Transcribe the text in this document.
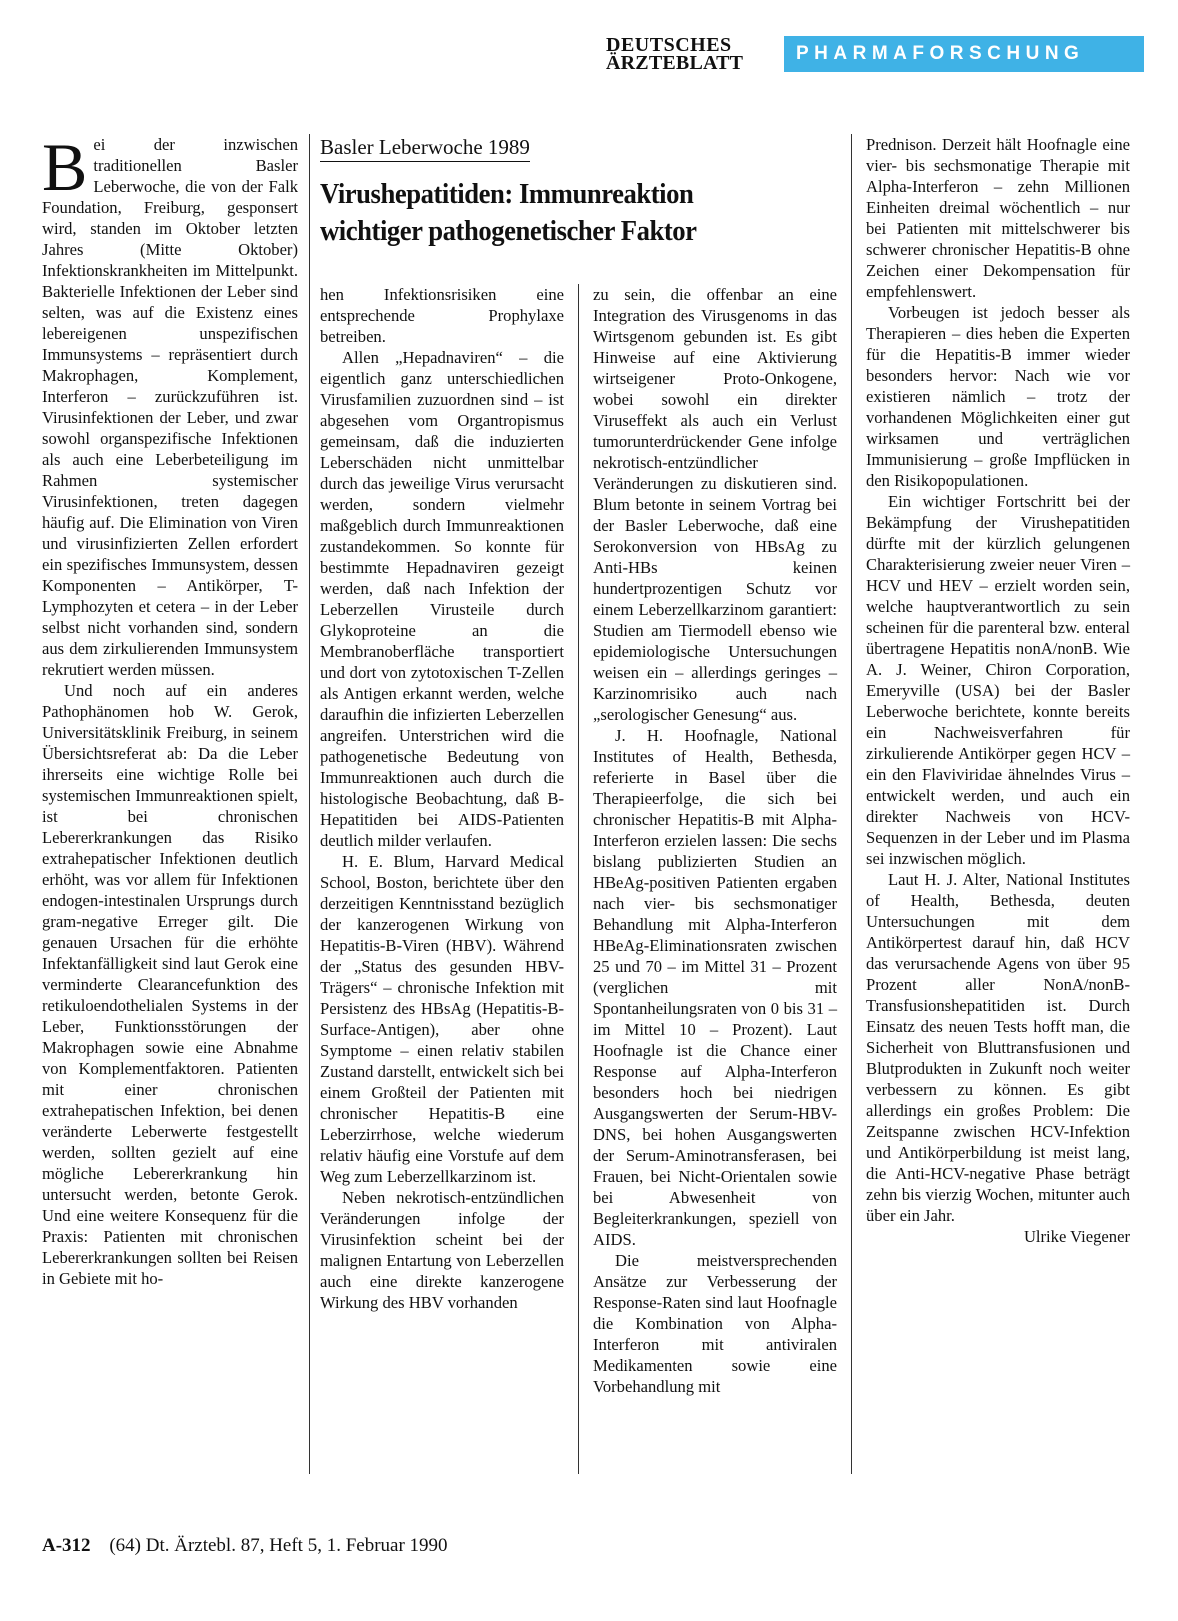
DEUTSCHES
ÄRZTEBLATT	PHARMAFORSCHUNG
Basler Leberwoche 1989
Virushepatitiden: Immunreaktion wichtiger pathogenetischer Faktor

Bei der inzwischen traditionellen Basler Leberwoche, die von der Falk Foundation, Freiburg, gesponsert wird, standen im Oktober letzten Jahres (Mitte Oktober) Infektionskrankheiten im Mittelpunkt. Bakterielle Infektionen der Leber sind selten, was auf die Existenz eines lebereigenen unspezifischen Immunsystems – repräsentiert durch Makrophagen, Komplement, Interferon – zurückzuführen ist. Virusinfektionen der Leber, und zwar sowohl organspezifische Infektionen als auch eine Leberbeteiligung im Rahmen systemischer Virusinfektionen, treten dagegen häufig auf. Die Elimination von Viren und virusinfizierten Zellen erfordert ein spezifisches Immunsystem, dessen Komponenten – Antikörper, T-Lymphozyten et cetera – in der Leber selbst nicht vorhanden sind, sondern aus dem zirkulierenden Immunsystem rekrutiert werden müssen.

Und noch auf ein anderes Pathophänomen hob W. Gerok, Universitätsklinik Freiburg, in seinem Übersichtsreferat ab: Da die Leber ihrerseits eine wichtige Rolle bei systemischen Immunreaktionen spielt, ist bei chronischen Lebererkrankungen das Risiko extrahepatischer Infektionen deutlich erhöht, was vor allem für Infektionen endogen-intestinalen Ursprungs durch gram-negative Erreger gilt. Die genauen Ursachen für die erhöhte Infektanfälligkeit sind laut Gerok eine verminderte Clearancefunktion des retikuloendothelialen Systems in der Leber, Funktionsstörungen der Makrophagen sowie eine Abnahme von Komplementfaktoren. Patienten mit einer chronischen extrahepatischen Infektion, bei denen veränderte Leberwerte festgestellt werden, sollten gezielt auf eine mögliche Lebererkrankung hin untersucht werden, betonte Gerok. Und eine weitere Konsequenz für die Praxis: Patienten mit chronischen Lebererkrankungen sollten bei Reisen in Gebiete mit ho-

hen Infektionsrisiken eine entsprechende Prophylaxe betreiben.

Allen „Hepadnaviren“ – die eigentlich ganz unterschiedlichen Virusfamilien zuzuordnen sind – ist abgesehen vom Organtropismus gemeinsam, daß die induzierten Leberschäden nicht unmittelbar durch das jeweilige Virus verursacht werden, sondern vielmehr maßgeblich durch Immunreaktionen zustandekommen. So konnte für bestimmte Hepadnaviren gezeigt werden, daß nach Infektion der Leberzellen Virusteile durch Glykoproteine an die Membranoberfläche transportiert und dort von zytotoxischen T-Zellen als Antigen erkannt werden, welche daraufhin die infizierten Leberzellen angreifen. Unterstrichen wird die pathogenetische Bedeutung von Immunreaktionen auch durch die histologische Beobachtung, daß B-Hepatitiden bei AIDS-Patienten deutlich milder verlaufen.

H. E. Blum, Harvard Medical School, Boston, berichtete über den derzeitigen Kenntnisstand bezüglich der kanzerogenen Wirkung von Hepatitis-B-Viren (HBV). Während der „Status des gesunden HBV-Trägers“ – chronische Infektion mit Persistenz des HBsAg (Hepatitis-B-Surface-Antigen), aber ohne Symptome – einen relativ stabilen Zustand darstellt, entwickelt sich bei einem Großteil der Patienten mit chronischer Hepatitis-B eine Leberzirrhose, welche wiederum relativ häufig eine Vorstufe auf dem Weg zum Leberzellkarzinom ist.

Neben nekrotisch-entzündlichen Veränderungen infolge der Virusinfektion scheint bei der malignen Entartung von Leberzellen auch eine direkte kanzerogene Wirkung des HBV vorhanden

zu sein, die offenbar an eine Integration des Virusgenoms in das Wirtsgenom gebunden ist. Es gibt Hinweise auf eine Aktivierung wirtseigener Proto-Onkogene, wobei sowohl ein direkter Viruseffekt als auch ein Verlust tumorunterdrückender Gene infolge nekrotisch-entzündlicher Veränderungen zu diskutieren sind. Blum betonte in seinem Vortrag bei der Basler Leberwoche, daß eine Serokonversion von HBsAg zu Anti-HBs keinen hundertprozentigen Schutz vor einem Leberzellkarzinom garantiert: Studien am Tiermodell ebenso wie epidemiologische Untersuchungen weisen ein – allerdings geringes – Karzinomrisiko auch nach „serologischer Genesung“ aus.

J. H. Hoofnagle, National Institutes of Health, Bethesda, referierte in Basel über die Therapieerfolge, die sich bei chronischer Hepatitis-B mit Alpha-Interferon erzielen lassen: Die sechs bislang publizierten Studien an HBeAg-positiven Patienten ergaben nach vier- bis sechsmonatiger Behandlung mit Alpha-Interferon HBeAg-Eliminationsraten zwischen 25 und 70 – im Mittel 31 – Prozent (verglichen mit Spontanheilungsraten von 0 bis 31 – im Mittel 10 – Prozent). Laut Hoofnagle ist die Chance einer Response auf Alpha-Interferon besonders hoch bei niedrigen Ausgangswerten der Serum-HBV-DNS, bei hohen Ausgangswerten der Serum-Aminotransferasen, bei Frauen, bei Nicht-Orientalen sowie bei Abwesenheit von Begleiterkrankungen, speziell von AIDS.

Die meistversprechenden Ansätze zur Verbesserung der Response-Raten sind laut Hoofnagle die Kombination von Alpha-Interferon mit antiviralen Medikamenten sowie eine Vorbehandlung mit

Prednison. Derzeit hält Hoofnagle eine vier- bis sechsmonatige Therapie mit Alpha-Interferon – zehn Millionen Einheiten dreimal wöchentlich – nur bei Patienten mit mittelschwerer bis schwerer chronischer Hepatitis-B ohne Zeichen einer Dekompensation für empfehlenswert.

Vorbeugen ist jedoch besser als Therapieren – dies heben die Experten für die Hepatitis-B immer wieder besonders hervor: Nach wie vor existieren nämlich – trotz der vorhandenen Möglichkeiten einer gut wirksamen und verträglichen Immunisierung – große Impflücken in den Risikopopulationen.

Ein wichtiger Fortschritt bei der Bekämpfung der Virushepatitiden dürfte mit der kürzlich gelungenen Charakterisierung zweier neuer Viren – HCV und HEV – erzielt worden sein, welche hauptverantwortlich zu sein scheinen für die parenteral bzw. enteral übertragene Hepatitis nonA/nonB. Wie A. J. Weiner, Chiron Corporation, Emeryville (USA) bei der Basler Leberwoche berichtete, konnte bereits ein Nachweisverfahren für zirkulierende Antikörper gegen HCV – ein den Flaviviridae ähnelndes Virus – entwickelt werden, und auch ein direkter Nachweis von HCV-Sequenzen in der Leber und im Plasma sei inzwischen möglich.

Laut H. J. Alter, National Institutes of Health, Bethesda, deuten Untersuchungen mit dem Antikörpertest darauf hin, daß HCV das verursachende Agens von über 95 Prozent aller NonA/nonB-Transfusionshepatitiden ist. Durch Einsatz des neuen Tests hofft man, die Sicherheit von Bluttransfusionen und Blutprodukten in Zukunft noch weiter verbessern zu können. Es gibt allerdings ein großes Problem: Die Zeitspanne zwischen HCV-Infektion und Antikörperbildung ist meist lang, die Anti-HCV-negative Phase beträgt zehn bis vierzig Wochen, mitunter auch über ein Jahr.

Ulrike Viegener

A-312 (64) Dt. Ärztebl. 87, Heft 5, 1. Februar 1990
